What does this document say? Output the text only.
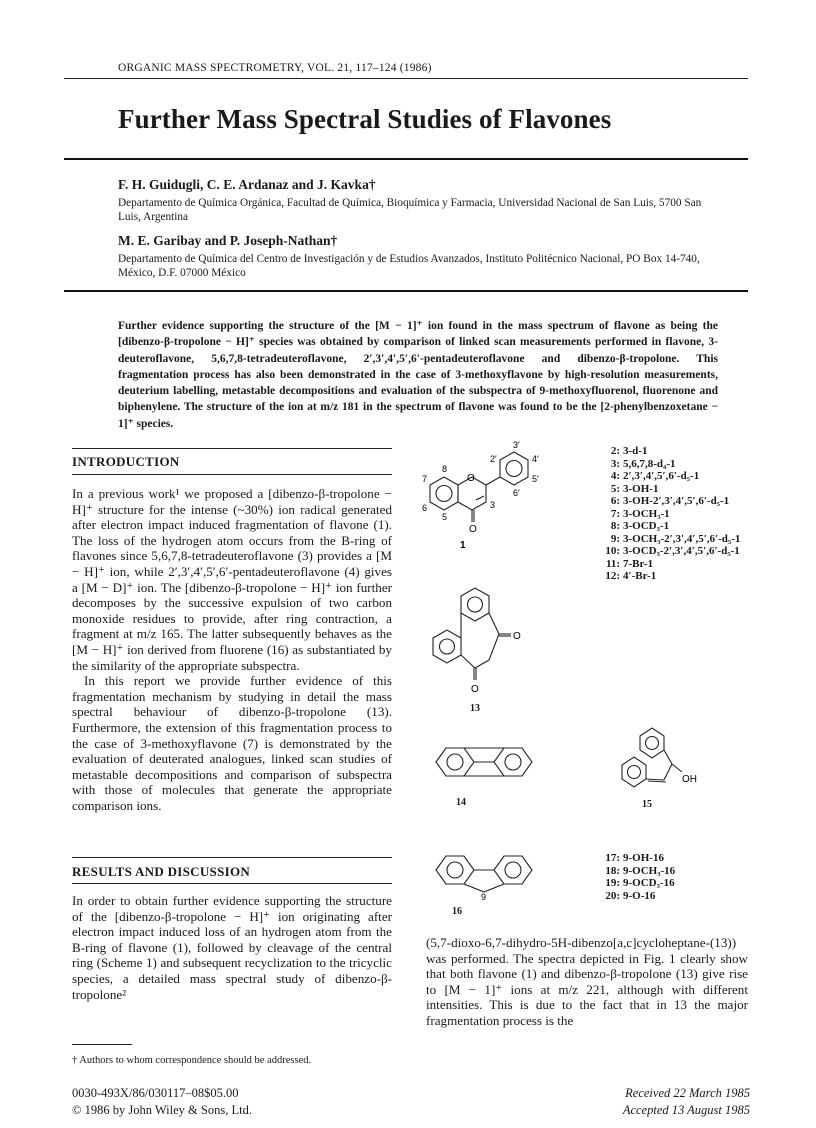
ORGANIC MASS SPECTROMETRY, VOL. 21, 117–124 (1986)
Further Mass Spectral Studies of Flavones
F. H. Guidugli, C. E. Ardanaz and J. Kavka†
Departamento de Química Orgánica, Facultad de Química, Bioquímica y Farmacia, Universidad Nacional de San Luis, 5700 San Luis, Argentina
M. E. Garibay and P. Joseph-Nathan†
Departamento de Química del Centro de Investigación y de Estudios Avanzados, Instituto Politécnico Nacional, PO Box 14-740, México, D.F. 07000 México
Further evidence supporting the structure of the [M − 1]⁺ ion found in the mass spectrum of flavone as being the [dibenzo-β-tropolone − H]⁺ species was obtained by comparison of linked scan measurements performed in flavone, 3-deuteroflavone, 5,6,7,8-tetradeuteroflavone, 2′,3′,4′,5′,6′-pentadeuteroflavone and dibenzo-β-tropolone. This fragmentation process has also been demonstrated in the case of 3-methoxyflavone by high-resolution measurements, deuterium labelling, metastable decompositions and evaluation of the subspectra of 9-methoxyfluorenol, fluorenone and biphenylene. The structure of the ion at m/z 181 in the spectrum of flavone was found to be the [2-phenylbenzoxetane − 1]⁺ species.
INTRODUCTION

In a previous work¹ we proposed a [dibenzo-β-tropolone − H]⁺ structure for the intense (~30%) ion radical generated after electron impact induced fragmentation of flavone (1). The loss of the hydrogen atom occurs from the B-ring of flavones since 5,6,7,8-tetradeuteroflavone (3) provides a [M − H]⁺ ion, while 2′,3′,4′,5′,6′-pentadeuteroflavone (4) gives a [M − D]⁺ ion. The [dibenzo-β-tropolone − H]⁺ ion further decomposes by the successive expulsion of two carbon monoxide residues to provide, after ring contraction, a fragment at m/z 165. The latter subsequently behaves as the [M − H]⁺ ion derived from fluorene (16) as substantiated by the similarity of the appropriate subspectra.

In this report we provide further evidence of this fragmentation mechanism by studying in detail the mass spectral behaviour of dibenzo-β-tropolone (13). Furthermore, the extension of this fragmentation process to the case of 3-methoxyflavone (7) is demonstrated by the evaluation of deuterated analogues, linked scan studies of metastable decompositions and comparison of subspectra with those of molecules that generate the appropriate comparison ions.

RESULTS AND DISCUSSION

In order to obtain further evidence supporting the structure of the [dibenzo-β-tropolone − H]⁺ ion originating after electron impact induced loss of an hydrogen atom from the B-ring of flavone (1), followed by cleavage of the central ring (Scheme 1) and subsequent recyclization to the tricyclic species, a detailed mass spectral study of dibenzo-β-tropolone²

† Authors to whom correspondence should be addressed.
O
O
2′
3′
4′
5′
6′
8
7
6
5
3
1
2: 3-d-1
3: 5,6,7,8-d₄-1
4: 2′,3′,4′,5′,6′-d₅-1
5: 3-OH-1
6: 3-OH-2′,3′,4′,5′,6′-d₅-1
7: 3-OCH₃-1
8: 3-OCD₃-1
9: 3-OCH₃-2′,3′,4′,5′,6′-d₅-1
10: 3-OCD₃-2′,3′,4′,5′,6′-d₅-1
11: 7-Br-1
12: 4′-Br-1
O
O
13
14
OH
15
9
16
17: 9-OH-16
18: 9-OCH₃-16
19: 9-OCD₃-16
20: 9-O-16

(5,7-dioxo-6,7-dihydro-5H-dibenzo[a,c]cycloheptane-(13)) was performed. The spectra depicted in Fig. 1 clearly show that both flavone (1) and dibenzo-β-tropolone (13) give rise to [M − 1]⁺ ions at m/z 221, although with different intensities. This is due to the fact that in 13 the major fragmentation process is the

0030-493X/86/030117–08$05.00
© 1986 by John Wiley & Sons, Ltd.
Received 22 March 1985
Accepted 13 August 1985
